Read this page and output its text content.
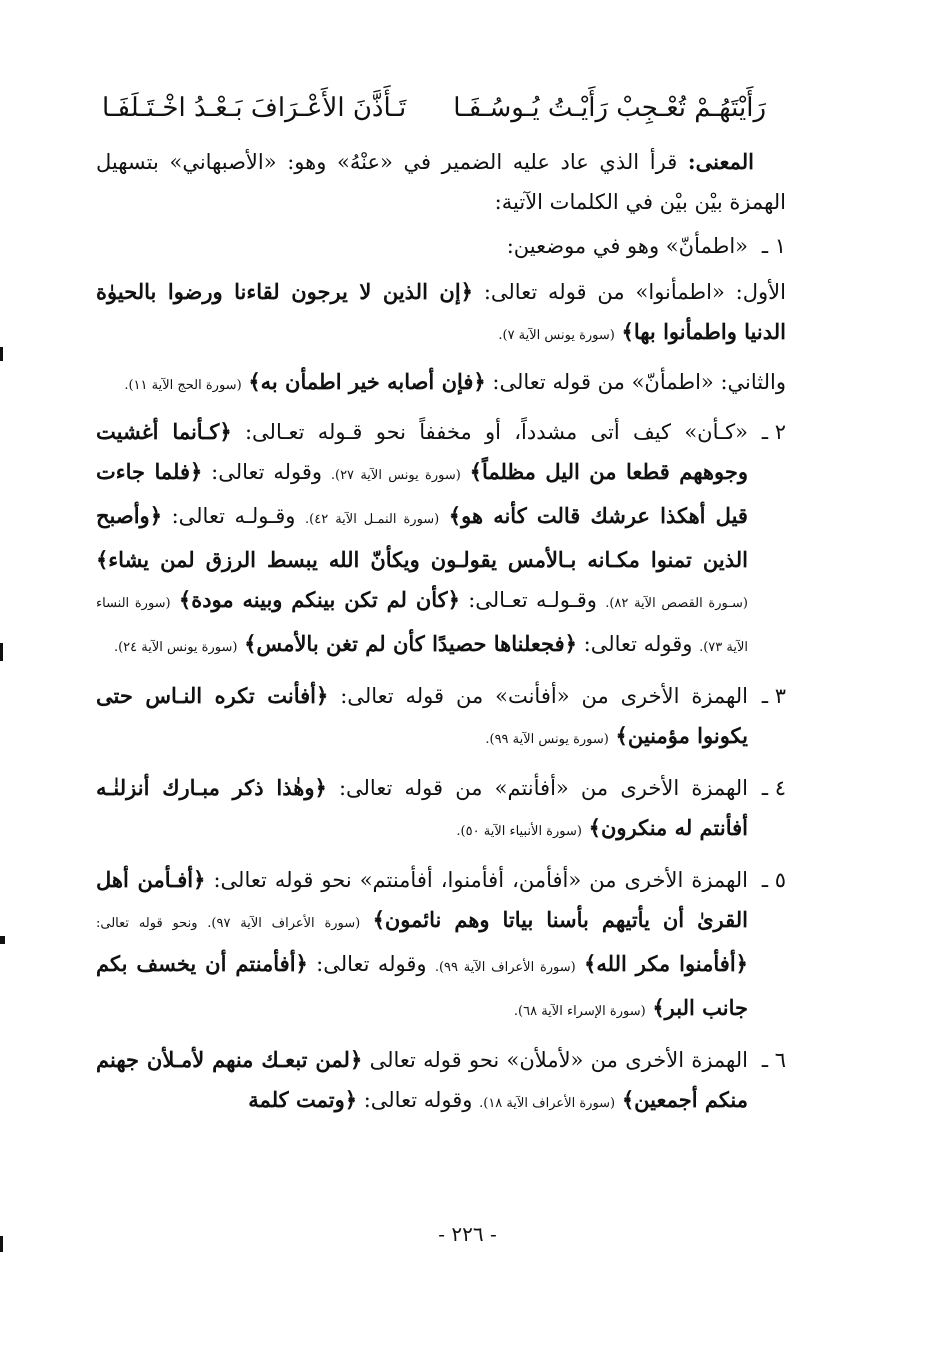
رَأَيْتَهُـمْ تُعْـجِبْ رَأَيْـتُ يُـوسُـفَـا
تَـأَذَّنَ الأَعْـرَافَ بَـعْـدُ اخْـتَـلَفَـا

المعنى: قرأ الذي عاد عليه الضمير في «عنْهُ» وهو: «الأصبهاني» بتسهيل الهمزة بيْن بيْن في الكلمات الآتية:

١ ـ
«اطمأنّ» وهو في موضعين:

الأول: «اطمأنوا» من قوله تعالى: ﴿إن الذين لا يرجون لقاءنا ورضوا بالحيوٰة الدنيا واطمأنوا بها﴾ (سورة يونس الآية ٧).

والثاني: «اطمأنّ» من قوله تعالى: ﴿فإن أصابه خير اطمأن به﴾ (سورة الحج الآية ١١).

٢ ـ
«كـأن» كيف أتى مشدداً، أو مخففاً نحو قـوله تعـالى: ﴿كـأنما أغشيت وجوههم قطعا من اليل مظلماً﴾ (سورة يونس الآية ٢٧). وقوله تعالى: ﴿فلما جاءت قيل أهكذا عرشك قالت كأنه هو﴾ (سورة النمـل الآية ٤٢). وقـولـه تعالى: ﴿وأصبح الذين تمنوا مكـانه بـالأمس يقولـون ويكأنّ الله يبسط الرزق لمن يشاء﴾ (سـورة القصص الآية ٨٢). وقـولـه تعـالى: ﴿كأن لم تكن بينكم وبينه مودة﴾ (سورة النساء الآية ٧٣). وقوله تعالى: ﴿فجعلناها حصيدًا كأن لم تغن بالأمس﴾ (سورة يونس الآية ٢٤).
٣ ـ
الهمزة الأخرى من «أفأنت» من قوله تعالى: ﴿أفأنت تكره النـاس حتى يكونوا مؤمنين﴾ (سورة يونس الآية ٩٩).
٤ ـ
الهمزة الأخرى من «أفأنتم» من قوله تعالى: ﴿وهٰذا ذكر مبـارك أنزلنٰـه أفأنتم له منكرون﴾ (سورة الأنبياء الآية ٥٠).
٥ ـ
الهمزة الأخرى من «أفأمن، أفأمنوا، أفأمنتم» نحو قوله تعالى: ﴿أفـأمن أهل القرىٰ أن يأتيهم بأسنا بياتا وهم نائمون﴾ (سورة الأعراف الآية ٩٧). ونحو قوله تعالى: ﴿أفأمنوا مكر الله﴾ (سورة الأعراف الآية ٩٩). وقوله تعالى: ﴿أفأمنتم أن يخسف بكم جانب البر﴾ (سورة الإسراء الآية ٦٨).
٦ ـ
الهمزة الأخرى من «لأملأن» نحو قوله تعالى ﴿لمن تبعـك منهم لأمـلأن جهنم منكم أجمعين﴾ (سورة الأعراف الآية ١٨). وقوله تعالى: ﴿وتمت كلمة
- ٢٢٦ -
